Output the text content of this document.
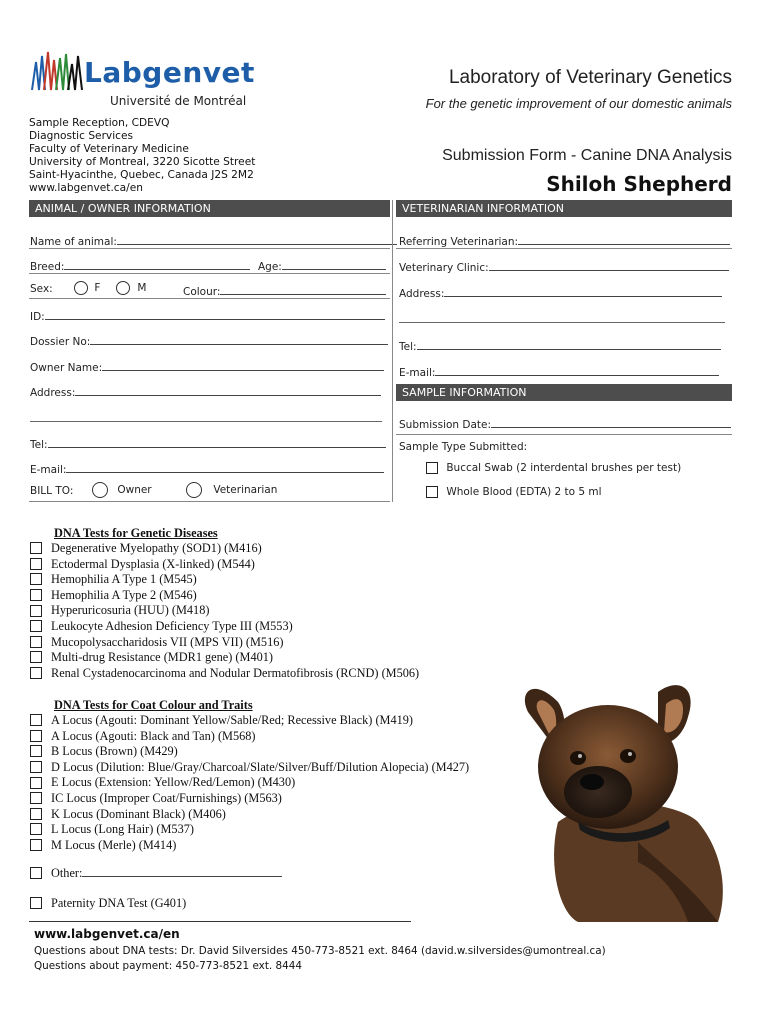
Labgenvet
Université de Montréal
Laboratory of Veterinary Genetics
For the genetic improvement of our domestic animals
Submission Form - Canine DNA Analysis
Shiloh Shepherd
Sample Reception, CDEVQ
Diagnostic Services
Faculty of Veterinary Medicine
University of Montreal, 3220 Sicotte Street
Saint-Hyacinthe, Quebec, Canada J2S 2M2
www.labgenvet.ca/en
ANIMAL / OWNER INFORMATION	VETERINARIAN INFORMATION
SAMPLE INFORMATION
Name of animal:
Breed:	Age:
Sex:	F	M	Colour:
ID:
Dossier No:
Owner Name:
Address:
Tel:
E-mail:
BILL TO:	Owner	Veterinarian
Referring Veterinarian:
Veterinary Clinic:
Address:
Tel:
E-mail:
Submission Date:
Sample Type Submitted:
Buccal Swab (2 interdental brushes per test)
Whole Blood (EDTA) 2 to 5 ml
DNA Tests for Genetic Diseases
Degenerative Myelopathy (SOD1) (M416)
Ectodermal Dysplasia (X-linked) (M544)
Hemophilia A Type 1 (M545)
Hemophilia A Type 2 (M546)
Hyperuricosuria (HUU) (M418)
Leukocyte Adhesion Deficiency Type III (M553)
Mucopolysaccharidosis VII (MPS VII) (M516)
Multi-drug Resistance (MDR1 gene) (M401)
Renal Cystadenocarcinoma and Nodular Dermatofibrosis (RCND) (M506)
DNA Tests for Coat Colour and Traits
A Locus (Agouti: Dominant Yellow/Sable/Red; Recessive Black) (M419)
A Locus (Agouti: Black and Tan) (M568)
B Locus (Brown) (M429)
D Locus (Dilution: Blue/Gray/Charcoal/Slate/Silver/Buff/Dilution Alopecia) (M427)
E Locus (Extension: Yellow/Red/Lemon) (M430)
IC Locus (Improper Coat/Furnishings) (M563)
K Locus (Dominant Black) (M406)
L Locus (Long Hair) (M537)
M Locus (Merle) (M414)
Other:
Paternity DNA Test (G401)
www.labgenvet.ca/en
Questions about DNA tests: Dr. David Silversides 450-773-8521 ext. 8464 (david.w.silversides@umontreal.ca)
Questions about payment: 450-773-8521 ext. 8444
